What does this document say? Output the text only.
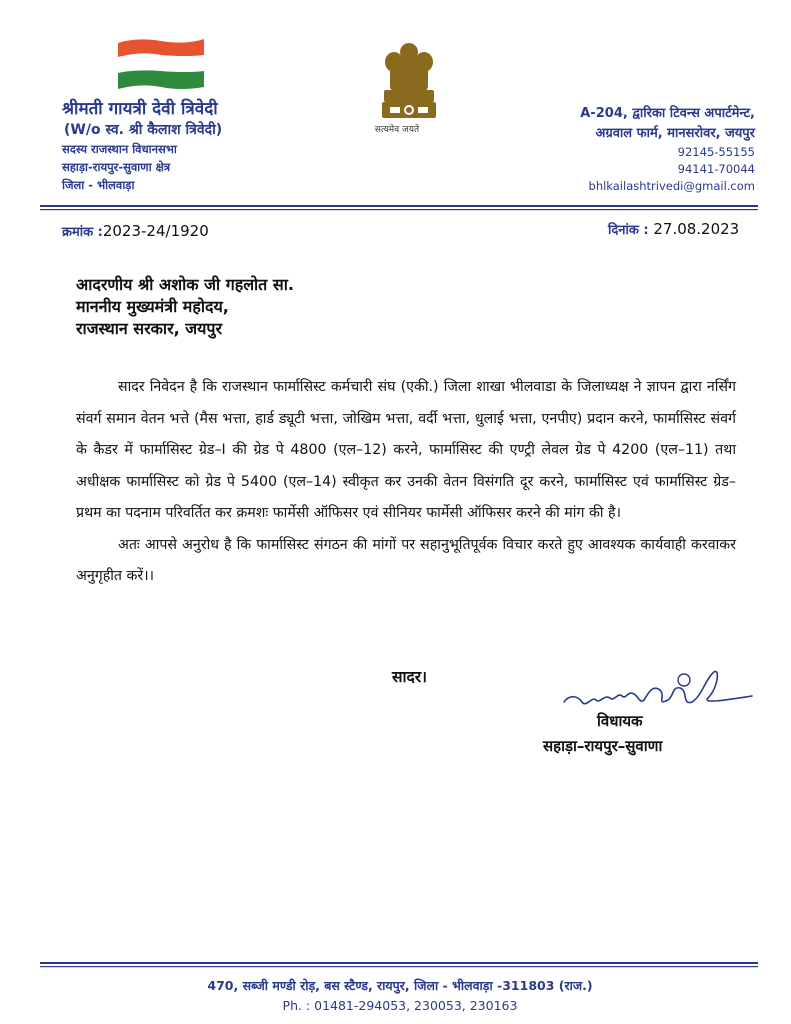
सत्यमेव जयते
श्रीमती गायत्री देवी त्रिवेदी
(W/o स्व. श्री कैलाश त्रिवेदी)
सदस्य राजस्थान विधानसभा
सहाड़ा-रायपुर-सुवाणा क्षेत्र
जिला - भीलवाड़ा
A-204, द्वारिका टिवन्स अपार्टमेन्ट,
अग्रवाल फार्म, मानसरोवर, जयपुर
92145-55155
94141-70044
bhlkailashtrivedi@gmail.com
क्रमांक :2023-24/1920	दिनांक : 27.08.2023
आदरणीय श्री अशोक जी गहलोत सा.
माननीय मुख्यमंत्री महोदय,
राजस्थान सरकार, जयपुर

सादर निवेदन है कि राजस्थान फार्मासिस्ट कर्मचारी संघ (एकी.) जिला शाखा भीलवाडा के जिलाध्यक्ष ने ज्ञापन द्वारा नर्सिंग संवर्ग समान वेतन भत्ते (मैस भत्ता, हार्ड ड्यूटी भत्ता, जोखिम भत्ता, वर्दी भत्ता, धुलाई भत्ता, एनपीए) प्रदान करने, फार्मासिस्ट संवर्ग के कैडर में फार्मासिस्ट ग्रेड–I की ग्रेड पे 4800 (एल–12) करने, फार्मासिस्ट की एण्ट्री लेवल ग्रेड पे 4200 (एल–11) तथा अधीक्षक फार्मासिस्ट को ग्रेड पे 5400 (एल–14) स्वीकृत कर उनकी वेतन विसंगति दूर करने, फार्मासिस्ट एवं फार्मासिस्ट ग्रेड–प्रथम का पदनाम परिवर्तित कर क्रमशः फार्मेसी ऑफिसर एवं सीनियर फार्मेसी ऑफिसर करने की मांग की है।

अतः आपसे अनुरोध है कि फार्मासिस्ट संगठन की मांगों पर सहानुभूतिपूर्वक विचार करते हुए आवश्यक कार्यवाही करवाकर अनुगृहीत करें।।

सादर।
विधायक
सहाड़ा–रायपुर–सुवाणा
470, सब्जी मण्डी रोड़, बस स्टैण्ड, रायपुर, जिला - भीलवाड़ा -311803 (राज.)
Ph. : 01481-294053, 230053, 230163
